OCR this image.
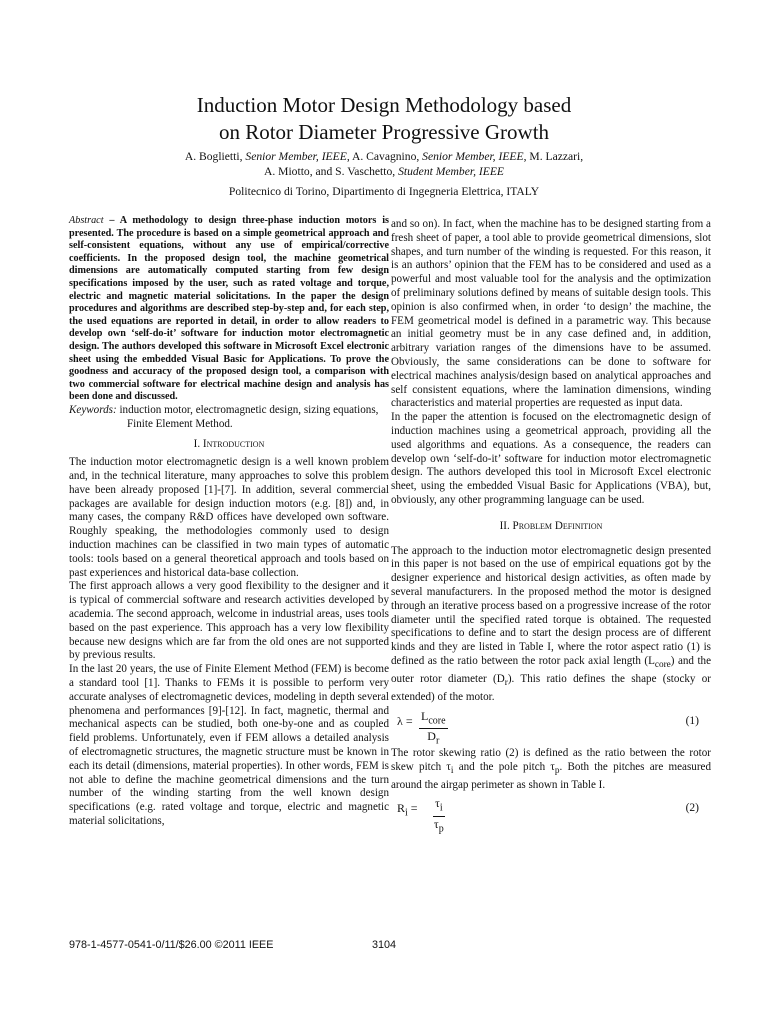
Induction Motor Design Methodology based
on Rotor Diameter Progressive Growth
A. Boglietti, Senior Member, IEEE, A. Cavagnino, Senior Member, IEEE, M. Lazzari,
A. Miotto, and S. Vaschetto, Student Member, IEEE
Politecnico di Torino, Dipartimento di Ingegneria Elettrica, ITALY

Abstract – A methodology to design three-phase induction motors is presented. The procedure is based on a simple geometrical approach and self-consistent equations, without any use of empirical/corrective coefficients. In the proposed design tool, the machine geometrical dimensions are automatically computed starting from few design specifications imposed by the user, such as rated voltage and torque, electric and magnetic material solicitations. In the paper the design procedures and algorithms are described step-by-step and, for each step, the used equations are reported in detail, in order to allow readers to develop own ‘self-do-it’ software for induction motor electromagnetic design. The authors developed this software in Microsoft Excel electronic sheet using the embedded Visual Basic for Applications. To prove the goodness and accuracy of the proposed design tool, a comparison with two commercial software for electrical machine design and analysis has been done and discussed.

Keywords: induction motor, electromagnetic design, sizing equations, Finite Element Method.

I. Introduction

The induction motor electromagnetic design is a well known problem and, in the technical literature, many approaches to solve this problem have been already proposed [1]-[7]. In addition, several commercial packages are available for design induction motors (e.g. [8]) and, in many cases, the company R&D offices have developed own software. Roughly speaking, the methodologies commonly used to design induction machines can be classified in two main types of automatic tools: tools based on a general theoretical approach and tools based on past experiences and historical data-base collection.

The first approach allows a very good flexibility to the designer and it is typical of commercial software and research activities developed by academia. The second approach, welcome in industrial areas, uses tools based on the past experience. This approach has a very low flexibility because new designs which are far from the old ones are not supported by previous results.

In the last 20 years, the use of Finite Element Method (FEM) is become a standard tool [1]. Thanks to FEMs it is possible to perform very accurate analyses of electromagnetic devices, modeling in depth several phenomena and performances [9]-[12]. In fact, magnetic, thermal and mechanical aspects can be studied, both one-by-one and as coupled field problems. Unfortunately, even if FEM allows a detailed analysis of electromagnetic structures, the magnetic structure must be known in each its detail (dimensions, material properties). In other words, FEM is not able to define the machine geometrical dimensions and the turn number of the winding starting from the well known design specifications (e.g. rated voltage and torque, electric and magnetic material solicitations,

and so on). In fact, when the machine has to be designed starting from a fresh sheet of paper, a tool able to provide geometrical dimensions, slot shapes, and turn number of the winding is requested. For this reason, it is an authors’ opinion that the FEM has to be considered and used as a powerful and most valuable tool for the analysis and the optimization of preliminary solutions defined by means of suitable design tools. This opinion is also confirmed when, in order ‘to design’ the machine, the FEM geometrical model is defined in a parametric way. This because an initial geometry must be in any case defined and, in addition, arbitrary variation ranges of the dimensions have to be assumed. Obviously, the same considerations can be done to software for electrical machines analysis/design based on analytical approaches and self consistent equations, where the lamination dimensions, winding characteristics and material properties are requested as input data.

In the paper the attention is focused on the electromagnetic design of induction machines using a geometrical approach, providing all the used algorithms and equations. As a consequence, the readers can develop own ‘self-do-it’ software for induction motor electromagnetic design. The authors developed this tool in Microsoft Excel electronic sheet, using the embedded Visual Basic for Applications (VBA), but, obviously, any other programming language can be used.

II. Problem Definition

The approach to the induction motor electromagnetic design presented in this paper is not based on the use of empirical equations got by the designer experience and historical design activities, as often made by several manufacturers. In the proposed method the motor is designed through an iterative process based on a progressive increase of the rotor diameter until the specified rated torque is obtained. The requested specifications to define and to start the design process are of different kinds and they are listed in Table I, where the rotor aspect ratio (1) is defined as the ratio between the rotor pack axial length $(L_{core})$ and the outer rotor diameter $(D_r)$. This ratio defines the shape (stocky or extended) of the motor.

$\lambda = L_{core}$
$D_r$
(1)

The rotor skewing ratio (2) is defined as the ratio between the rotor skew pitch $\tau_i$ and the pole pitch $\tau_p$. Both the pitches are measured around the airgap perimeter as shown in Table I.

$R_i = \frac{\tau_i}{\tau_p}$	(2)
978-1-4577-0541-0/11/$26.00 ©2011 IEEE	3104
